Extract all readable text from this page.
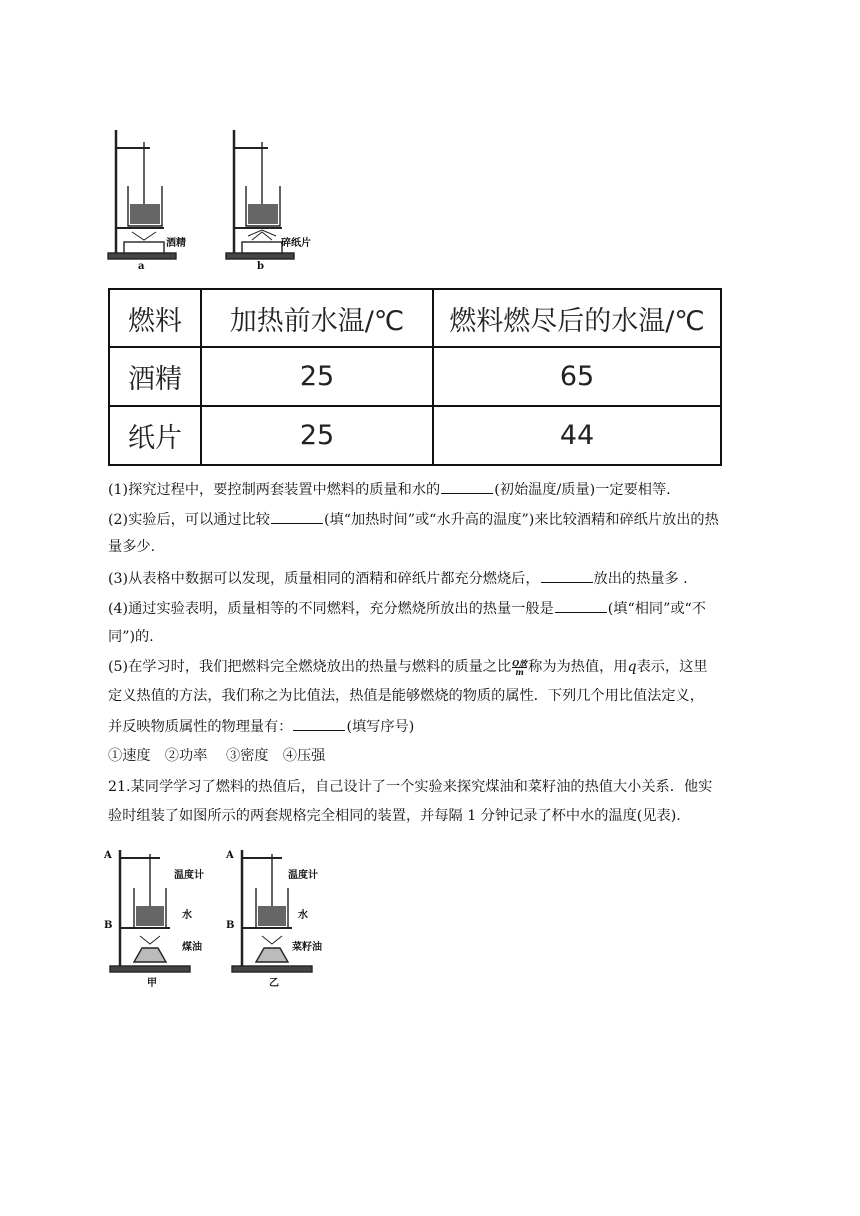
酒精
a
碎纸片
b
燃料	加热前水温/℃	燃料燃尽后的水温/℃
酒精	25	65
纸片	25	44
(1)探究过程中，要控制两套装置中燃料的质量和水的	(初始温度/质量)一定要相等.
(2)实验后，可以通过比较	(填“加热时间”或“水升高的温度”)来比较酒精和碎纸片放出的热
量多少.
(3)从表格中数据可以发现，质量相同的酒精和碎纸片都充分燃烧后，	放出的热量多 .
(4)通过实验表明，质量相等的不同燃料，充分燃烧所放出的热量一般是	(填“相同”或“不
同”)的.
(5)在学习时，我们把燃料完全燃烧放出的热量与燃料的质量之比 $\frac{\text{Q放}}{m}$ 称为为热值，用q表示，这里
定义热值的方法，我们称之为比值法，热值是能够燃烧的物质的属性．下列几个用比值法定义，
并反映物质属性的物理量有：	(填写序号)
①速度　②功率　 ③密度　④压强
21.某同学学习了燃料的热值后，自己设计了一个实验来探究煤油和菜籽油的热值大小关系．他实
验时组装了如图所示的两套规格完全相同的装置，并每隔 1 分钟记录了杯中水的温度(见表).
A
B
温度计
水
煤油
甲
A
B
温度计
水
菜籽油
乙
